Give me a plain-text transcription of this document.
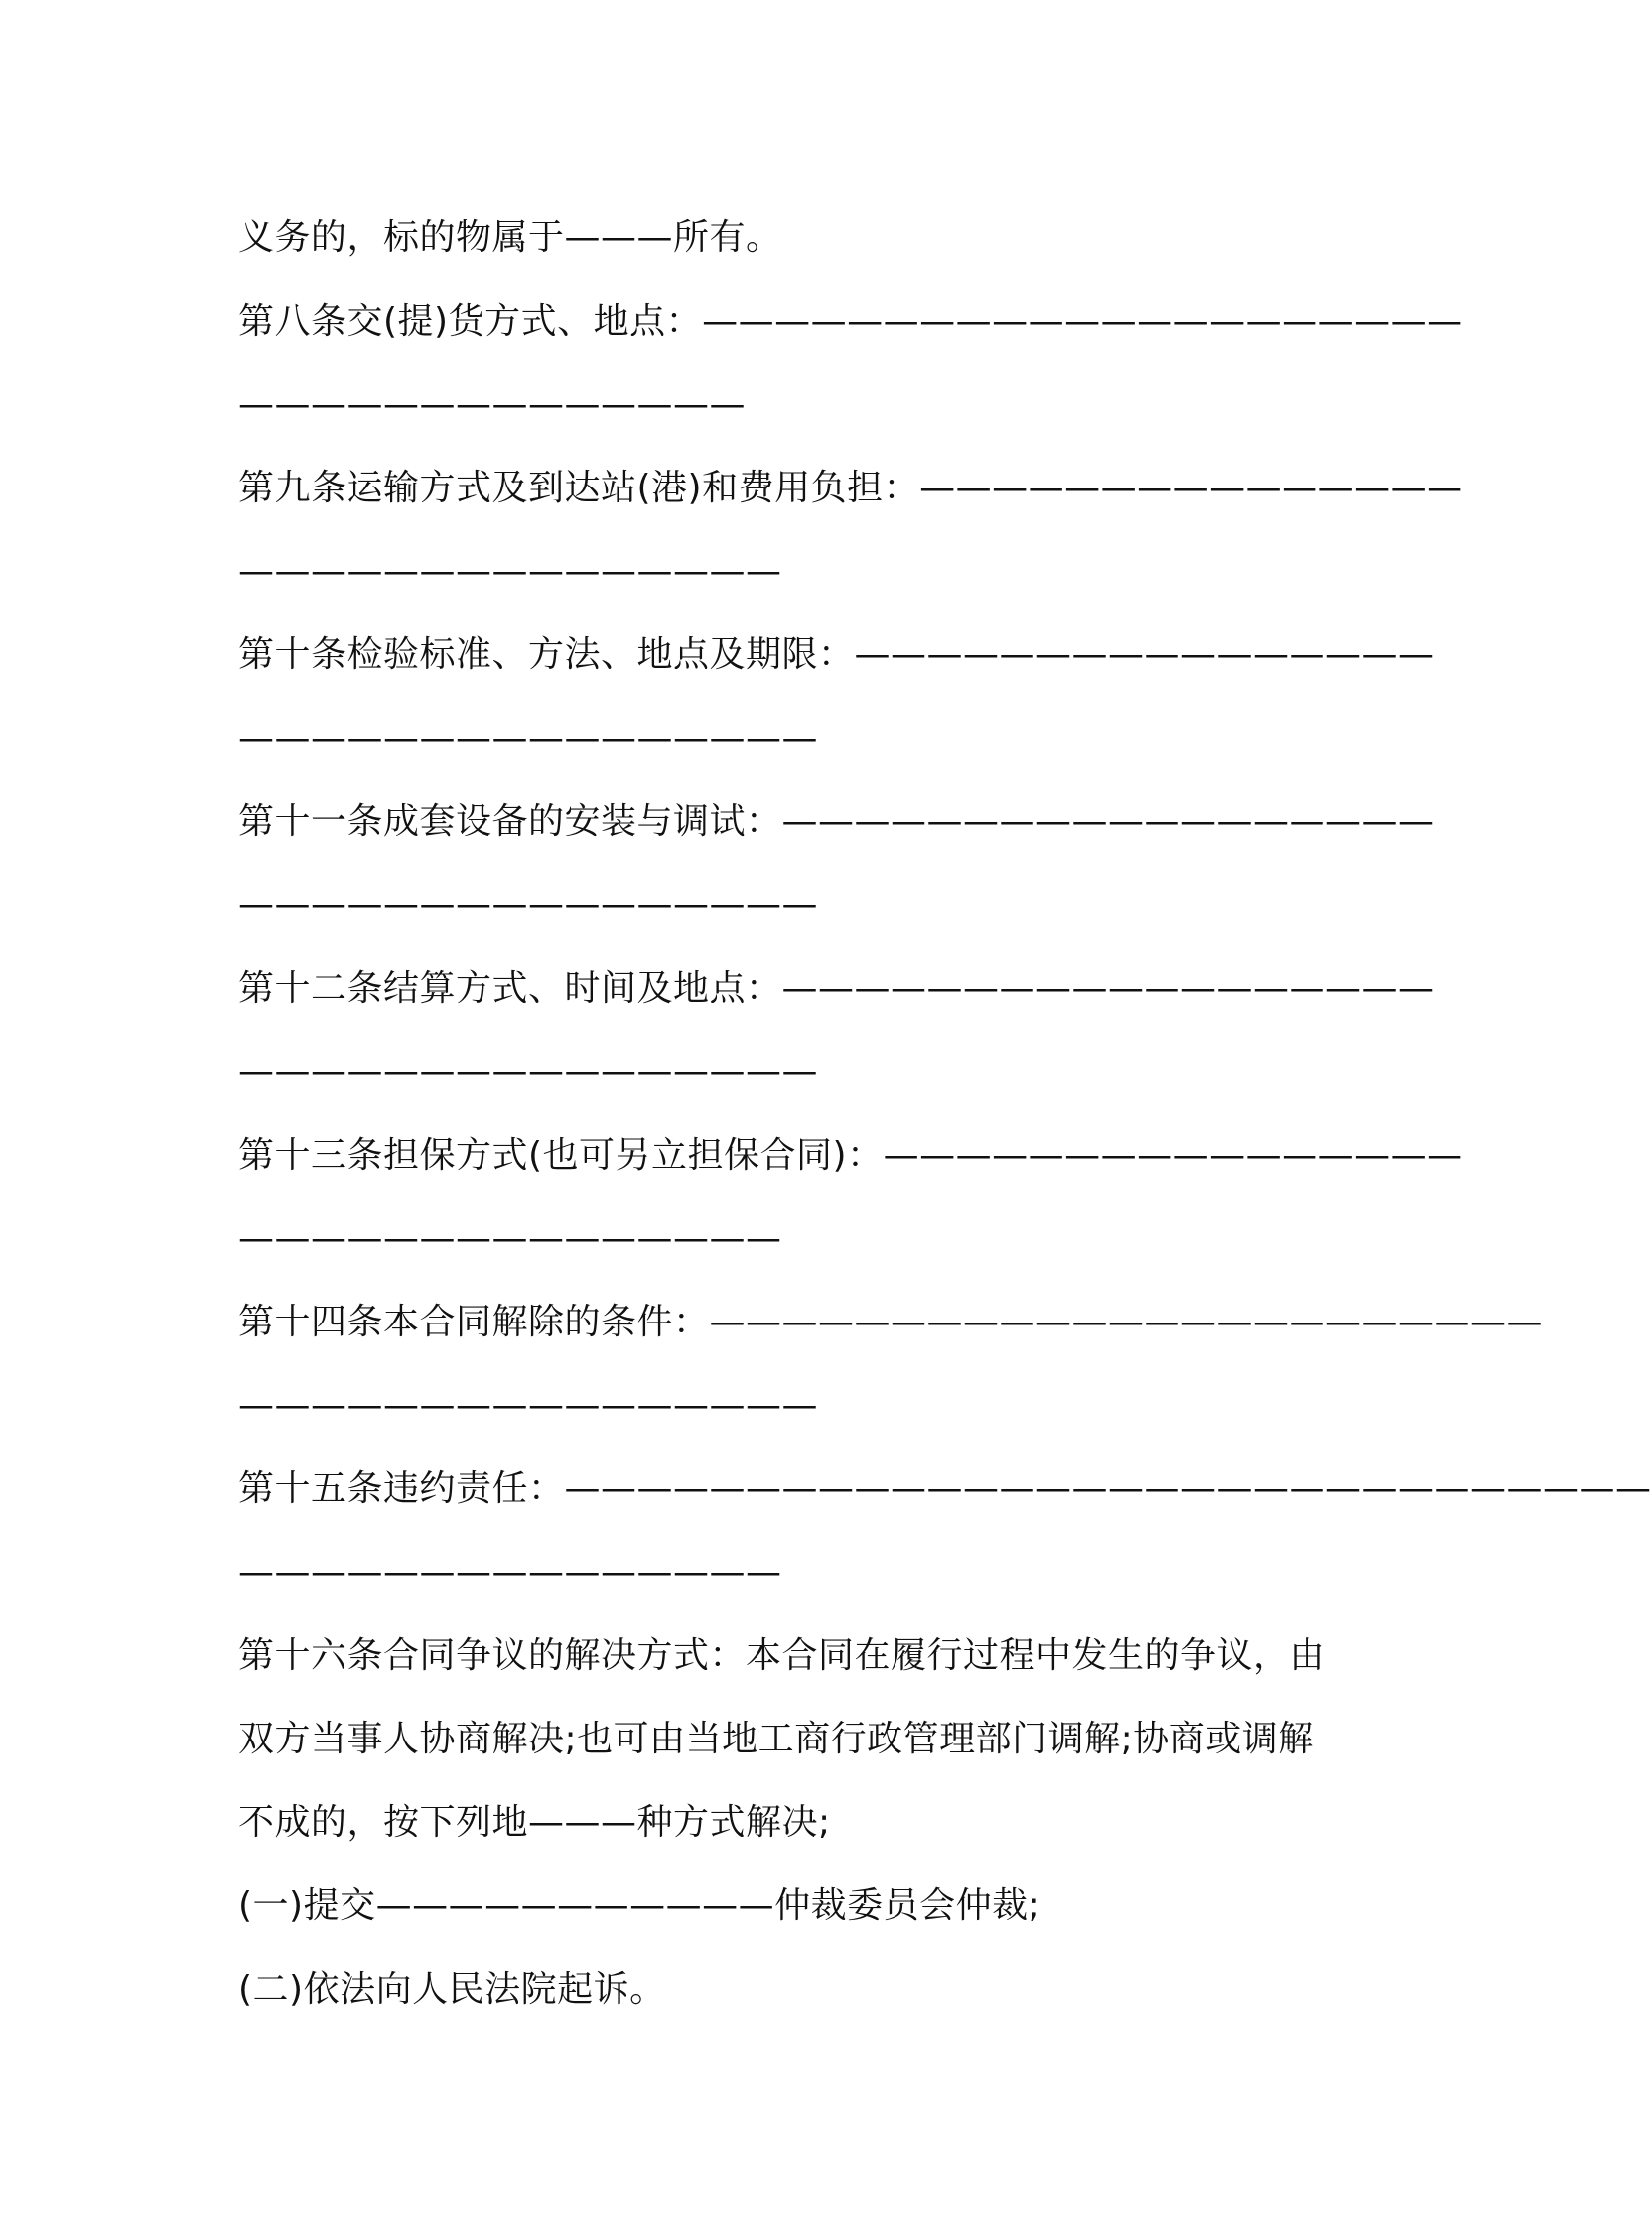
义务的，标的物属于———所有。
第八条交(提)货方式、地点：—————————————————————
——————————————
第九条运输方式及到达站(港)和费用负担：———————————————
———————————————
第十条检验标准、方法、地点及期限：————————————————
————————————————
第十一条成套设备的安装与调试：——————————————————
————————————————
第十二条结算方式、时间及地点：——————————————————
————————————————
第十三条担保方式(也可另立担保合同)：————————————————
———————————————
第十四条本合同解除的条件：———————————————————————
————————————————
第十五条违约责任：——————————————————————————————
———————————————
第十六条合同争议的解决方式：本合同在履行过程中发生的争议，由
双方当事人协商解决;也可由当地工商行政管理部门调解;协商或调解
不成的，按下列地———种方式解决;
(一)提交———————————仲裁委员会仲裁;
(二)依法向人民法院起诉。
